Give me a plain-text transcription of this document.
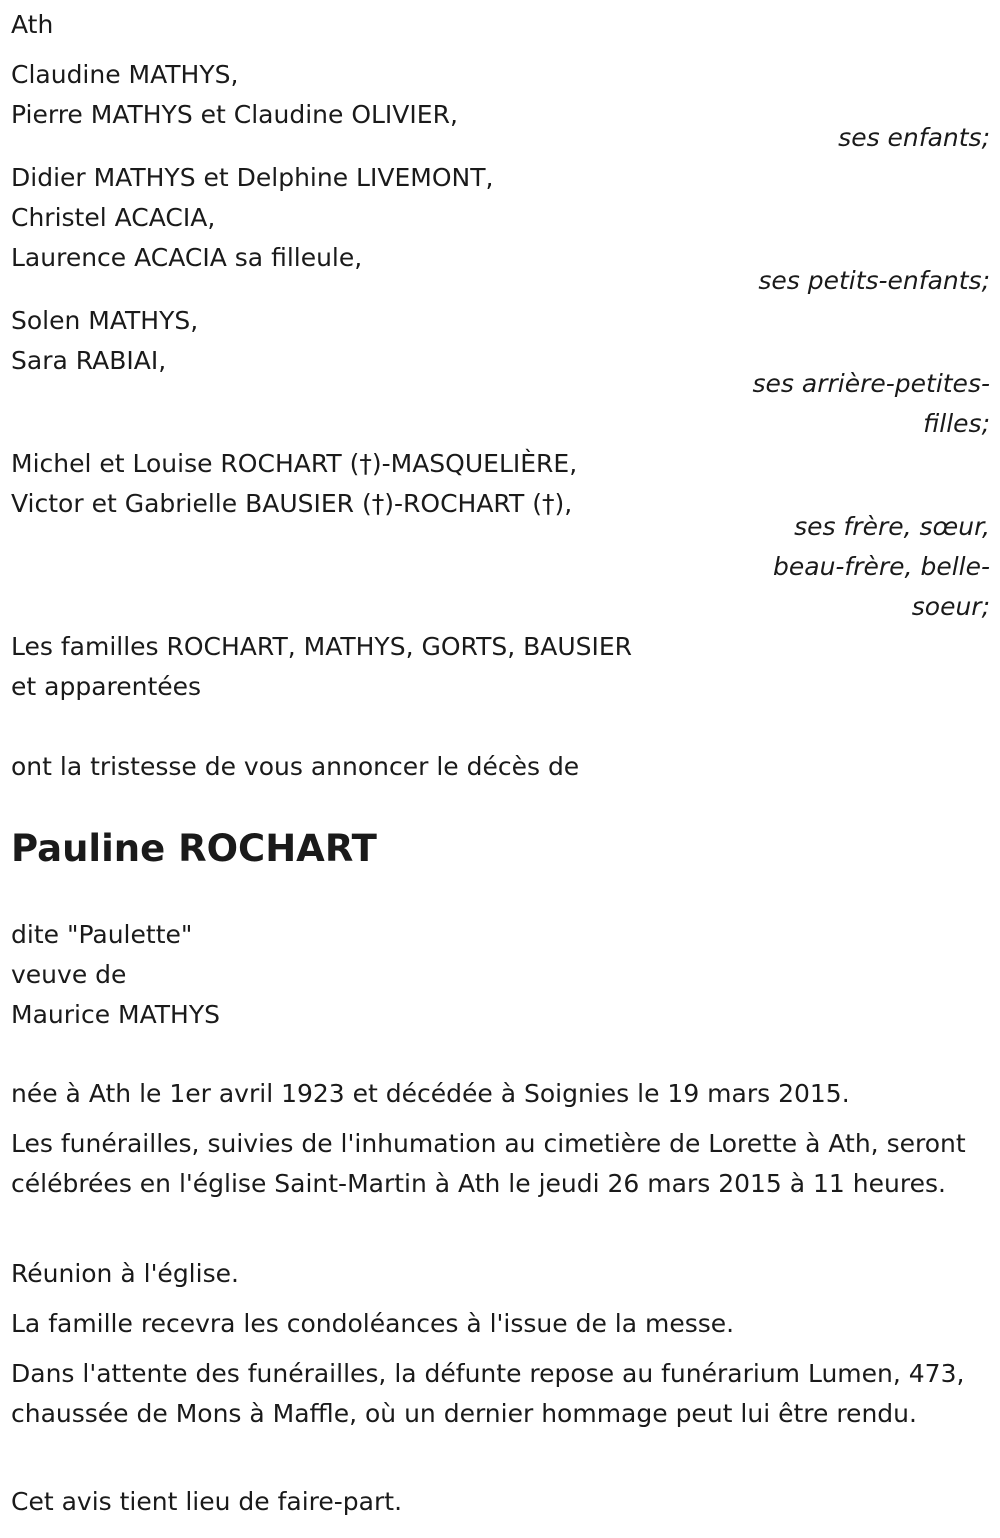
Ath

Claudine MATHYS,
Pierre MATHYS et Claudine OLIVIER,
ses enfants;
Didier MATHYS et Delphine LIVEMONT,
Christel ACACIA,
Laurence ACACIA sa filleule,
ses petits-enfants;
Solen MATHYS,
Sara RABIAI,
ses arrière-petites-
filles;
Michel et Louise ROCHART (†)-MASQUELIÈRE,
Victor et Gabrielle BAUSIER (†)-ROCHART (†),
ses frère, sœur,
beau-frère, belle-
soeur;
Les familles ROCHART, MATHYS, GORTS, BAUSIER
et apparentées

ont la tristesse de vous annoncer le décès de

Pauline ROCHART
dite "Paulette"
veuve de
Maurice MATHYS

née à Ath le 1er avril 1923 et décédée à Soignies le 19 mars 2015.

Les funérailles, suivies de l'inhumation au cimetière de Lorette à Ath, seront célébrées en l'église Saint-Martin à Ath le jeudi 26 mars 2015 à 11 heures.

Réunion à l'église.

La famille recevra les condoléances à l'issue de la messe.

Dans l'attente des funérailles, la défunte repose au funérarium Lumen, 473, chaussée de Mons à Maffle, où un dernier hommage peut lui être rendu.

Cet avis tient lieu de faire-part.
